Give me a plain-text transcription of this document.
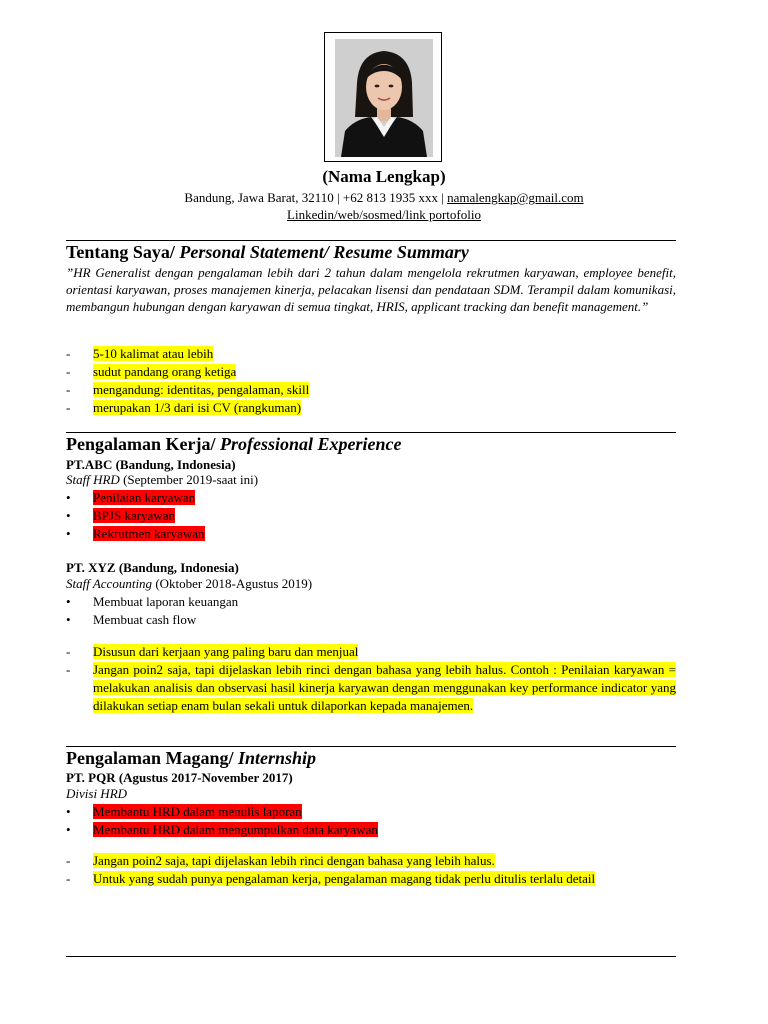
(Nama Lengkap)
Bandung, Jawa Barat, 32110 | +62 813 1935 xxx | namalengkap@gmail.com
Linkedin/web/sosmed/link portofolio
Tentang Saya/ Personal Statement/ Resume Summary
”HR Generalist dengan pengalaman lebih dari 2 tahun dalam mengelola rekrutmen karyawan, employee benefit, orientasi karyawan, proses manajemen kinerja, pelacakan lisensi dan pendataan SDM. Terampil dalam komunikasi, membangun hubungan dengan karyawan di semua tingkat, HRIS, applicant tracking dan benefit management.”
-	5-10 kalimat atau lebih
-	sudut pandang orang ketiga
-	mengandung: identitas, pengalaman, skill
-	merupakan 1/3 dari isi CV (rangkuman)
Pengalaman Kerja/ Professional Experience
PT.ABC (Bandung, Indonesia)
Staff HRD (September 2019-saat ini)
•	Penilaian karyawan
•	BPJS karyawan
•	Rekrutmen karyawan
PT. XYZ (Bandung, Indonesia)
Staff Accounting (Oktober 2018-Agustus 2019)
•	Membuat laporan keuangan
•	Membuat cash flow
-	Disusun dari kerjaan yang paling baru dan menjual
-	Jangan poin2 saja, tapi dijelaskan lebih rinci dengan bahasa yang lebih halus. Contoh : Penilaian karyawan = melakukan analisis dan observasi hasil kinerja karyawan dengan menggunakan key performance indicator yang dilakukan setiap enam bulan sekali untuk dilaporkan kepada manajemen.
Pengalaman Magang/ Internship
PT. PQR (Agustus 2017-November 2017)
Divisi HRD
•	Membantu HRD dalam menulis laporan
•	Membantu HRD dalam mengumpulkan data karyawan
-	Jangan poin2 saja, tapi dijelaskan lebih rinci dengan bahasa yang lebih halus.
-	Untuk yang sudah punya pengalaman kerja, pengalaman magang tidak perlu ditulis terlalu detail
